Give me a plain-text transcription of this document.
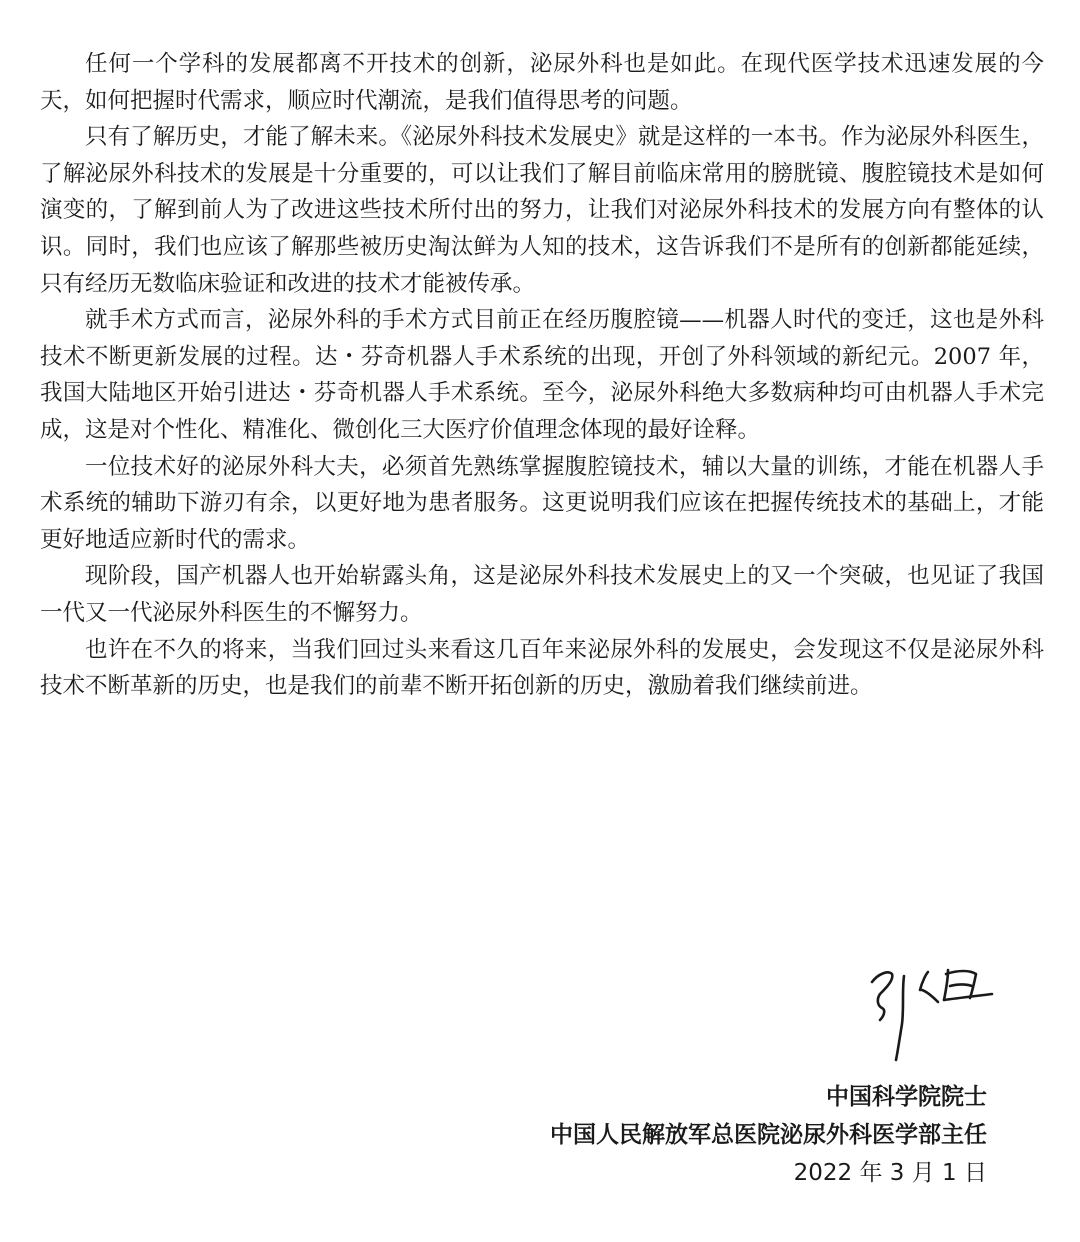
任何一个学科的发展都离不开技术的创新，泌尿外科也是如此。在现代医学技术迅速发展的今天，如何把握时代需求，顺应时代潮流，是我们值得思考的问题。

只有了解历史，才能了解未来。《泌尿外科技术发展史》就是这样的一本书。作为泌尿外科医生，了解泌尿外科技术的发展是十分重要的，可以让我们了解目前临床常用的膀胱镜、腹腔镜技术是如何演变的，了解到前人为了改进这些技术所付出的努力，让我们对泌尿外科技术的发展方向有整体的认识。同时，我们也应该了解那些被历史淘汰鲜为人知的技术，这告诉我们不是所有的创新都能延续，只有经历无数临床验证和改进的技术才能被传承。

就手术方式而言，泌尿外科的手术方式目前正在经历腹腔镜——机器人时代的变迁，这也是外科技术不断更新发展的过程。达・芬奇机器人手术系统的出现，开创了外科领域的新纪元。2007 年，我国大陆地区开始引进达・芬奇机器人手术系统。至今，泌尿外科绝大多数病种均可由机器人手术完成，这是对个性化、精准化、微创化三大医疗价值理念体现的最好诠释。

一位技术好的泌尿外科大夫，必须首先熟练掌握腹腔镜技术，辅以大量的训练，才能在机器人手术系统的辅助下游刃有余，以更好地为患者服务。这更说明我们应该在把握传统技术的基础上，才能更好地适应新时代的需求。

现阶段，国产机器人也开始崭露头角，这是泌尿外科技术发展史上的又一个突破，也见证了我国一代又一代泌尿外科医生的不懈努力。

也许在不久的将来，当我们回过头来看这几百年来泌尿外科的发展史，会发现这不仅是泌尿外科技术不断革新的历史，也是我们的前辈不断开拓创新的历史，激励着我们继续前进。

中国科学院院士
中国人民解放军总医院泌尿外科医学部主任
2022 年 3 月 1 日
